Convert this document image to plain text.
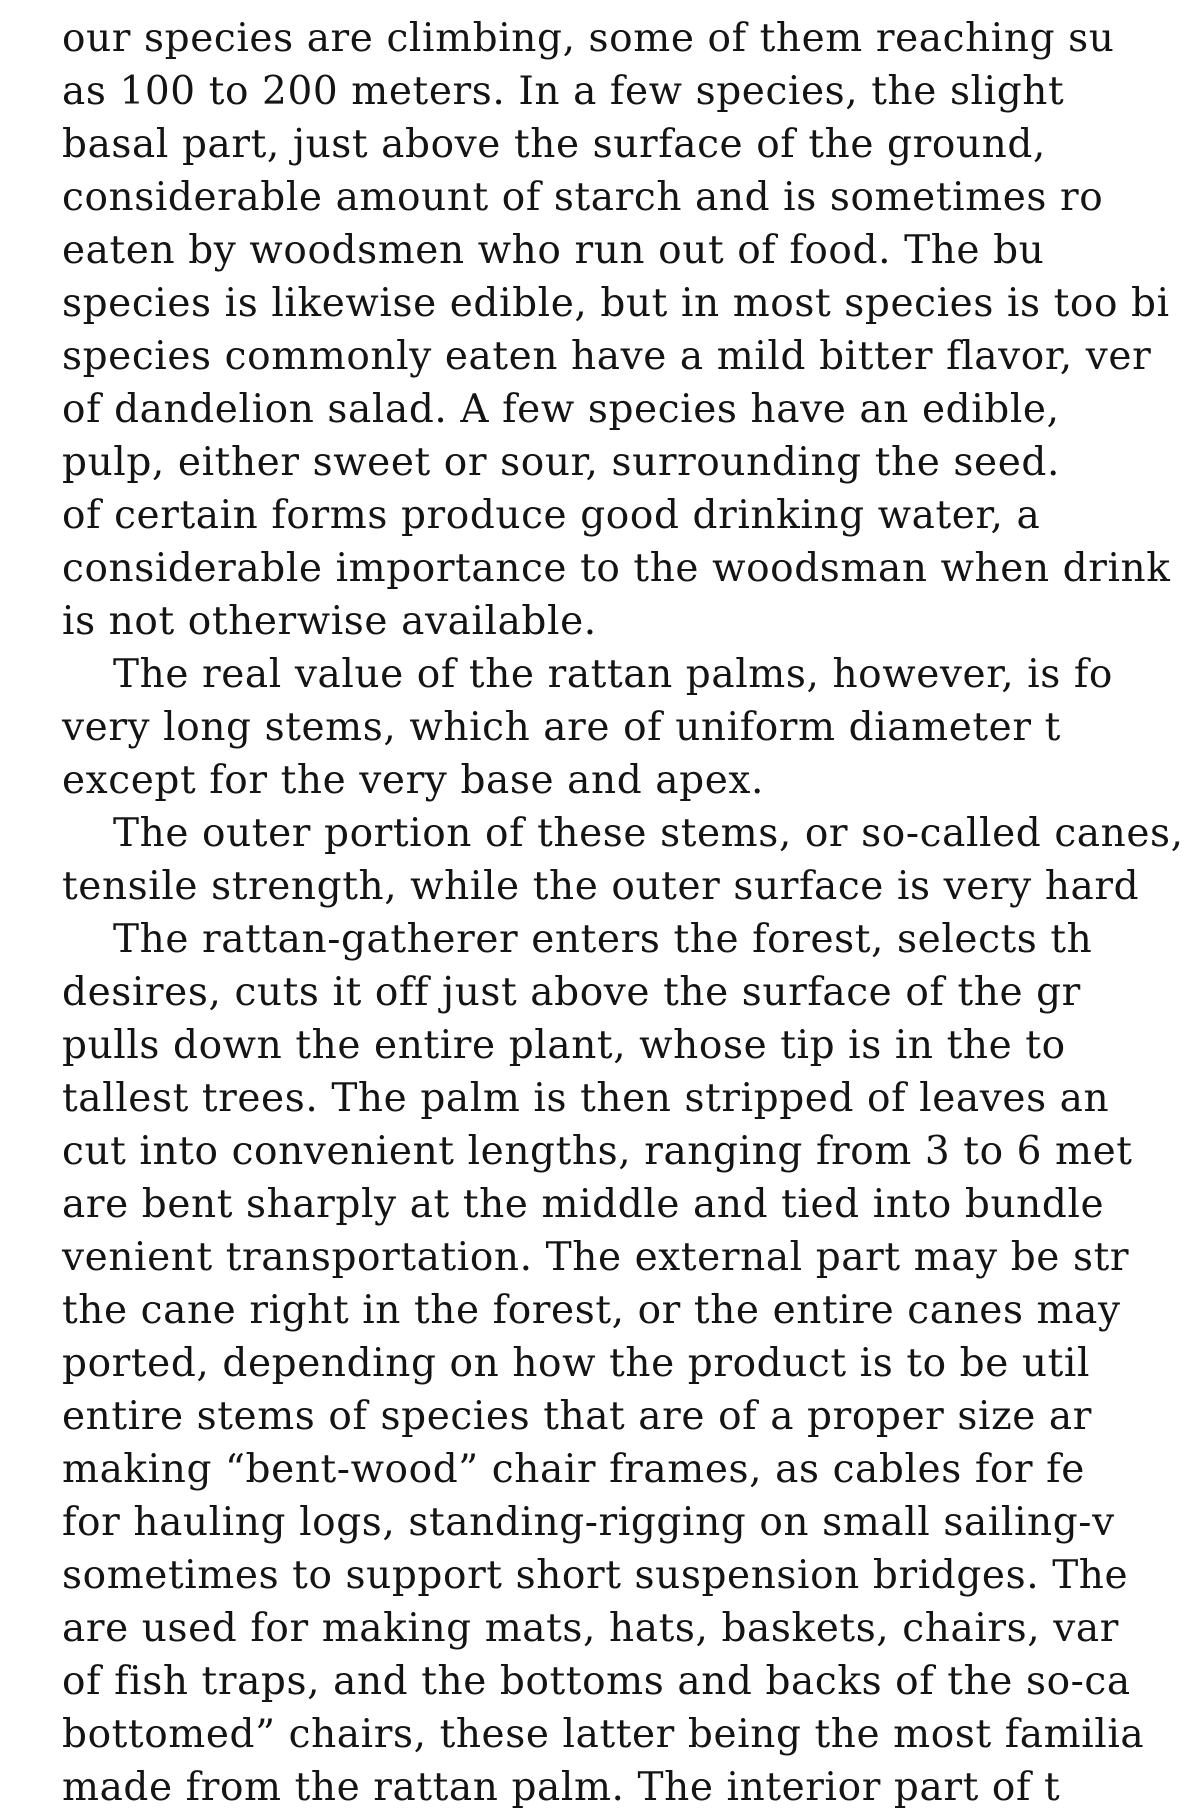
our species are climbing, some of them reaching su
as 100 to 200 meters. In a few species, the slight
basal part, just above the surface of the ground,
considerable amount of starch and is sometimes ro
eaten by woodsmen who run out of food. The bu
species is likewise edible, but in most species is too bi
species commonly eaten have a mild bitter flavor, ver
of dandelion salad. A few species have an edible,
pulp, either sweet or sour, surrounding the seed.
of certain forms produce good drinking water, a
considerable importance to the woodsman when drink
is not otherwise available.
The real value of the rattan palms, however, is fo
very long stems, which are of uniform diameter t
except for the very base and apex.
The outer portion of these stems, or so-called canes,
tensile strength, while the outer surface is very hard
The rattan-gatherer enters the forest, selects th
desires, cuts it off just above the surface of the gr
pulls down the entire plant, whose tip is in the to
tallest trees. The palm is then stripped of leaves an
cut into convenient lengths, ranging from 3 to 6 met
are bent sharply at the middle and tied into bundle
venient transportation. The external part may be str
the cane right in the forest, or the entire canes may
ported, depending on how the product is to be util
entire stems of species that are of a proper size ar
making “bent-wood” chair frames, as cables for fe
for hauling logs, standing-rigging on small sailing-v
sometimes to support short suspension bridges. The
are used for making mats, hats, baskets, chairs, var
of fish traps, and the bottoms and backs of the so-ca
bottomed” chairs, these latter being the most familia
made from the rattan palm. The interior part of t
